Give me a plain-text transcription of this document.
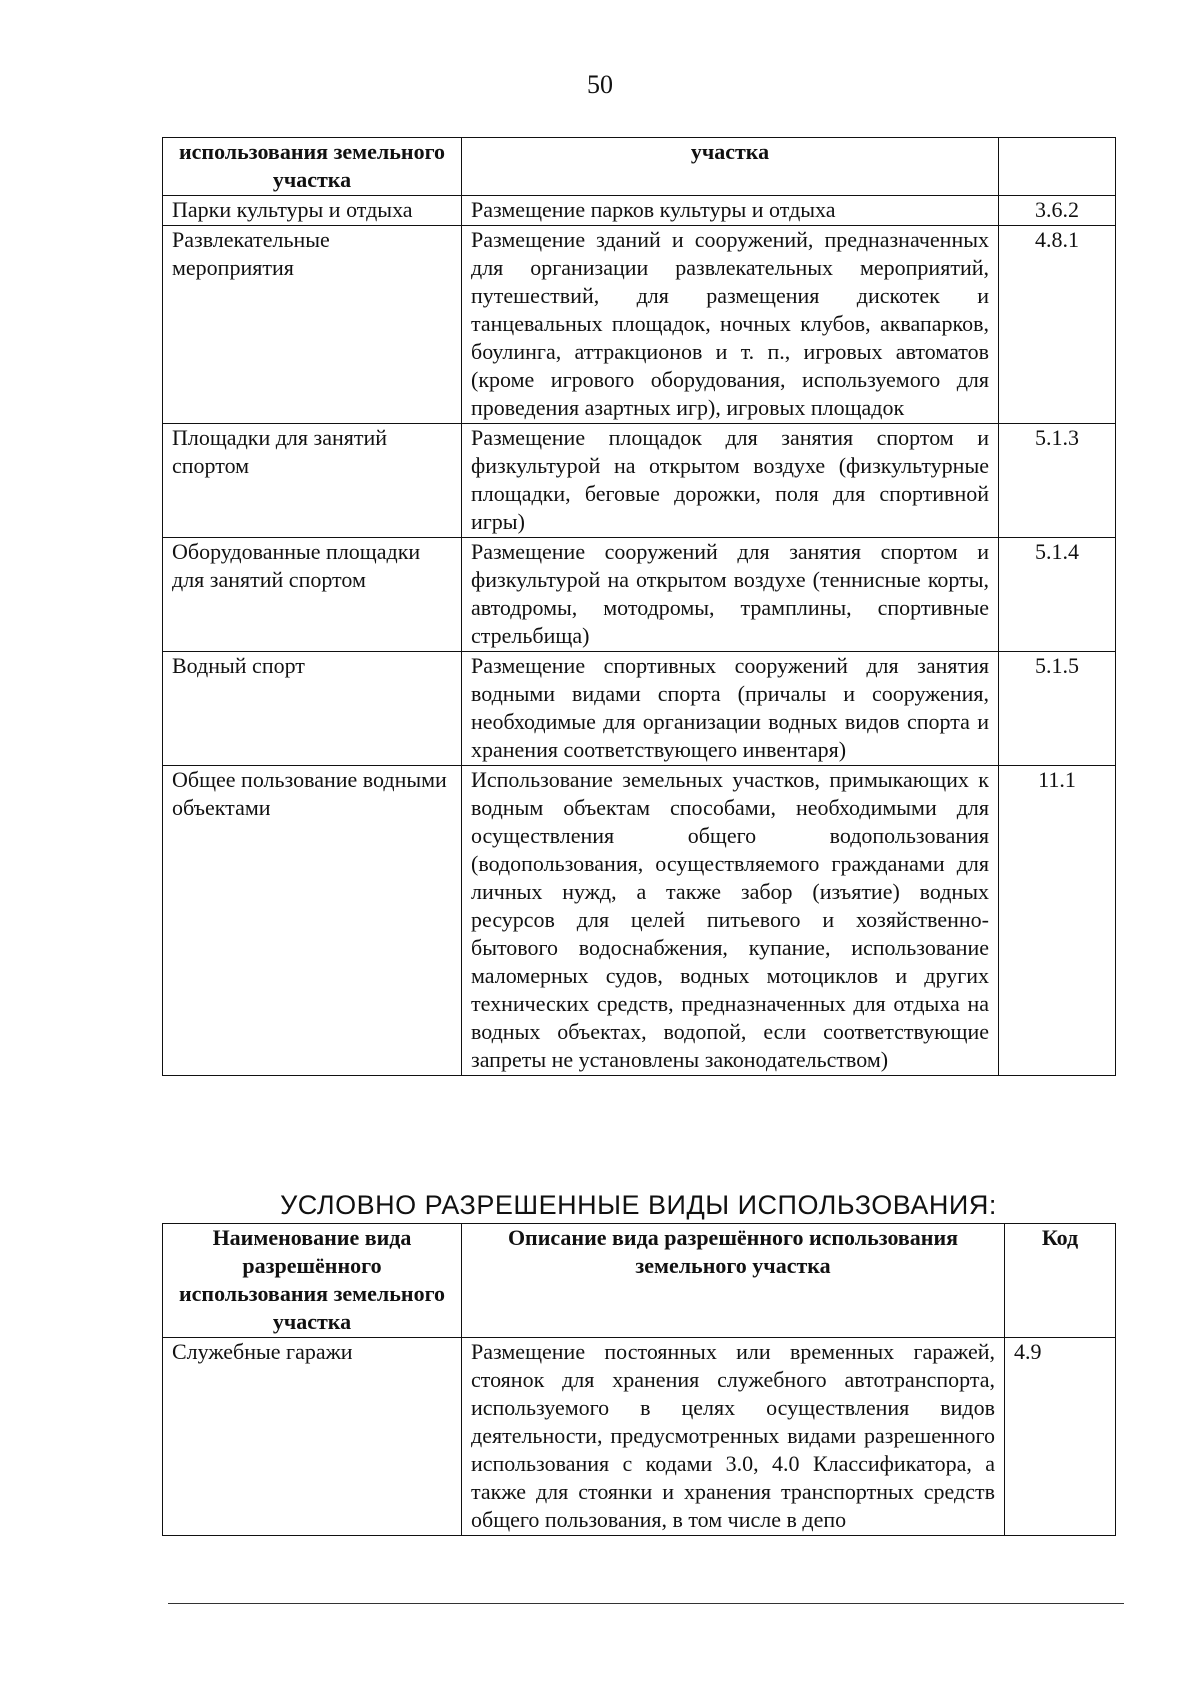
50
использования земельного участка	участка	
Парки культуры и отдыха	Размещение парков культуры и отдыха	3.6.2
Развлекательные мероприятия	Размещение зданий и сооружений, предназначенных для организации развлекательных мероприятий, путешествий, для размещения дискотек и танцевальных площадок, ночных клубов, аквапарков, боулинга, аттракционов и т. п., игровых автоматов (кроме игрового оборудования, используемого для проведения азартных игр), игровых площадок	4.8.1
Площадки для занятий спортом	Размещение площадок для занятия спортом и физкультурой на открытом воздухе (физкультурные площадки, беговые дорожки, поля для спортивной игры)	5.1.3
Оборудованные площадки для занятий спортом	Размещение сооружений для занятия спортом и физкультурой на открытом воздухе (теннисные корты, автодромы, мотодромы, трамплины, спортивные стрельбища)	5.1.4
Водный спорт	Размещение спортивных сооружений для занятия водными видами спорта (причалы и сооружения, необходимые для организации водных видов спорта и хранения соответствующего инвентаря)	5.1.5
Общее пользование водными объектами	Использование земельных участков, примыкающих к водным объектам способами, необходимыми для осуществления общего водопользования (водопользования, осуществляемого гражданами для личных нужд, а также забор (изъятие) водных ресурсов для целей питьевого и хозяйственно-бытового водоснабжения, купание, использование маломерных судов, водных мотоциклов и других технических средств, предназначенных для отдыха на водных объектах, водопой, если соответствующие запреты не установлены законодательством)	11.1
УСЛОВНО РАЗРЕШЕННЫЕ ВИДЫ ИСПОЛЬЗОВАНИЯ:
Наименование вида разрешённого использования земельного участка	Описание вида разрешённого использования земельного участка	Код
Служебные гаражи	Размещение постоянных или временных гаражей, стоянок для хранения служебного автотранспорта, используемого в целях осуществления видов деятельности, предусмотренных видами разрешенного использования с кодами 3.0, 4.0 Классификатора, а также для стоянки и хранения транспортных средств общего пользования, в том числе в депо	4.9
